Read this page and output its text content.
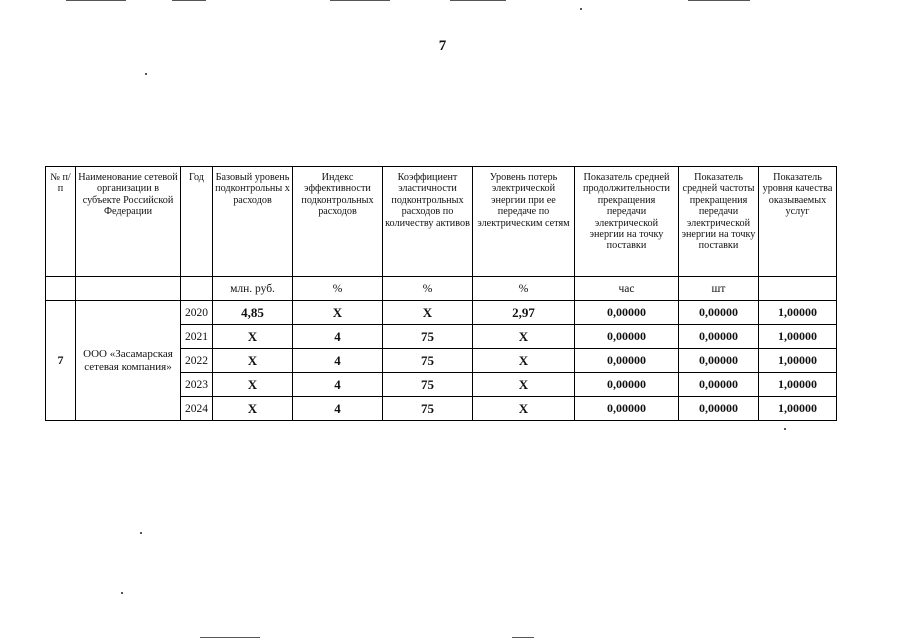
7
№ п/п	Наименование сетевой организации в субъекте Российской Федерации	Год	Базовый уровень подконтрольны х расходов	Индекс эффективности подконтрольных расходов	Коэффициент эластичности подконтрольных расходов по количеству активов	Уровень потерь электрической энергии при ее передаче по электрическим сетям	Показатель средней продолжительности прекращения передачи электрической энергии на точку поставки	Показатель средней частоты прекращения передачи электрической энергии на точку поставки	Показатель уровня качества оказываемых услуг
			млн. руб.	%	%	%	час	шт	
7	ООО «Засамарская сетевая компания»	2020	4,85	Х	Х	2,97	0,00000	0,00000	1,00000
		2021	Х	4	75	Х	0,00000	0,00000	1,00000
		2022	Х	4	75	Х	0,00000	0,00000	1,00000
		2023	Х	4	75	Х	0,00000	0,00000	1,00000
		2024	Х	4	75	Х	0,00000	0,00000	1,00000
